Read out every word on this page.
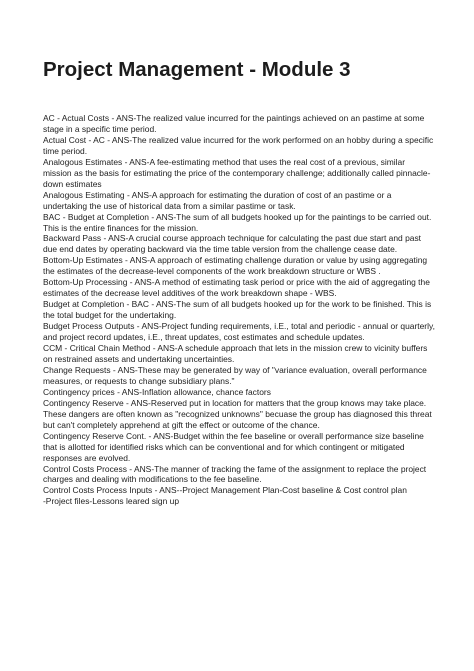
Project Management - Module 3

AC - Actual Costs - ANS-The realized value incurred for the paintings achieved on an pastime at some stage in a specific time period.

Actual Cost - AC - ANS-The realized value incurred for the work performed on an hobby during a specific time period.

Analogous Estimates - ANS-A fee-estimating method that uses the real cost of a previous, similar mission as the basis for estimating the price of the contemporary challenge; additionally called pinnacle-down estimates

Analogous Estimating - ANS-A approach for estimating the duration of cost of an pastime or a undertaking the use of historical data from a similar pastime or task.

BAC - Budget at Completion - ANS-The sum of all budgets hooked up for the paintings to be carried out. This is the entire finances for the mission.

Backward Pass - ANS-A crucial course approach technique for calculating the past due start and past due end dates by operating backward via the time table version from the challenge cease date.

Bottom-Up Estimates - ANS-A approach of estimating challenge duration or value by using aggregating the estimates of the decrease-level components of the work breakdown structure or WBS .

Bottom-Up Processing - ANS-A method of estimating task period or price with the aid of aggregating the estimates of the decrease level additives of the work breakdown shape - WBS.

Budget at Completion - BAC - ANS-The sum of all budgets hooked up for the work to be finished. This is the total budget for the undertaking.

Budget Process Outputs - ANS-Project funding requirements, i.E., total and periodic - annual or quarterly, and project record updates, i.E., threat updates, cost estimates and schedule updates.

CCM - Critical Chain Method - ANS-A schedule approach that lets in the mission crew to vicinity buffers on restrained assets and undertaking uncertainties.

Change Requests - ANS-These may be generated by way of "variance evaluation, overall performance measures, or requests to change subsidiary plans."

Contingency prices - ANS-Inflation allowance, chance factors

Contingency Reserve - ANS-Reserved put in location for matters that the group knows may take place. These dangers are often known as "recognized unknowns" becuase the group has diagnosed this threat but can't completely apprehend at gift the effect or outcome of the chance.

Contingency Reserve Cont. - ANS-Budget within the fee baseline or overall performance size baseline that is allotted for identified risks which can be conventional and for which contingent or mitigated responses are evolved.

Control Costs Process - ANS-The manner of tracking the fame of the assignment to replace the project charges and dealing with modifications to the fee baseline.

Control Costs Process Inputs - ANS--Project Management Plan-Cost baseline & Cost control plan

-Project files-Lessons leared sign up
